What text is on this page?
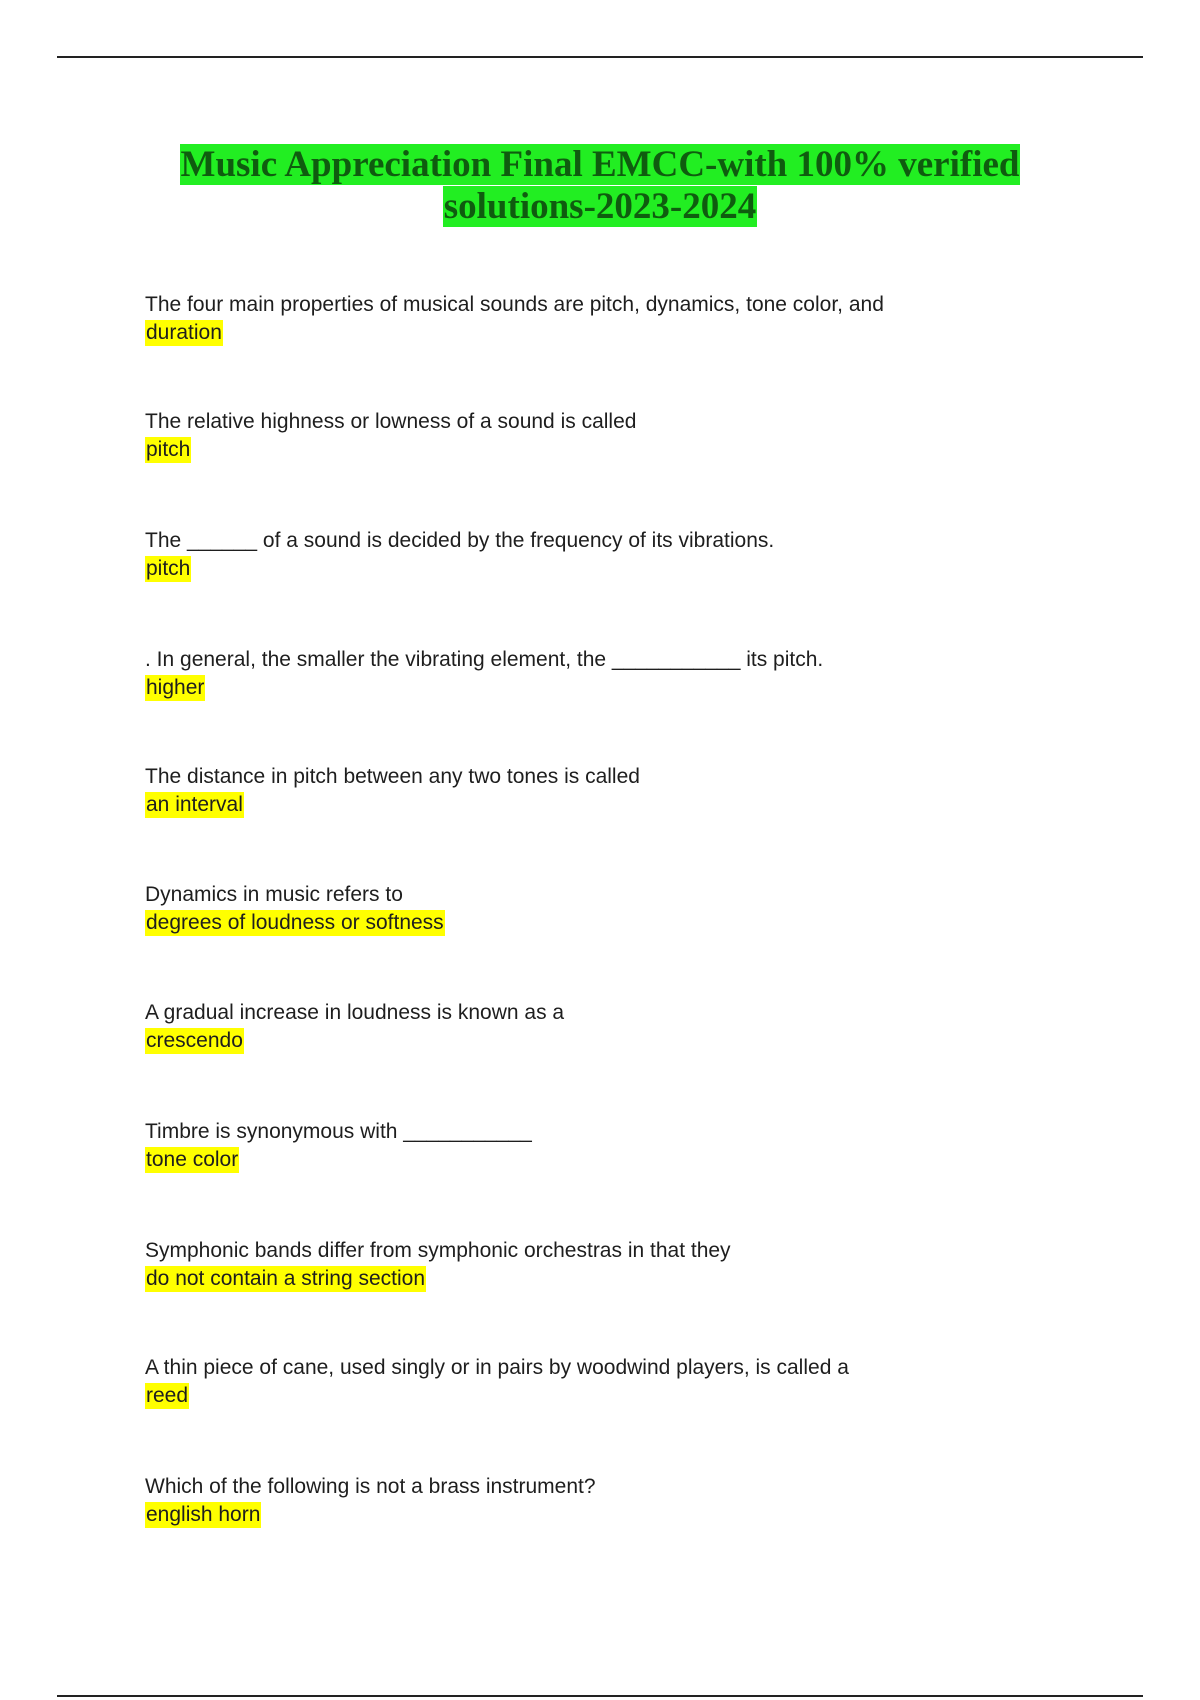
Music Appreciation Final EMCC-with 100% verified
solutions-2023-2024
The four main properties of musical sounds are pitch, dynamics, tone color, and
duration
The relative highness or lowness of a sound is called
pitch
The ______ of a sound is decided by the frequency of its vibrations.
pitch
. In general, the smaller the vibrating element, the ___________ its pitch.
higher
The distance in pitch between any two tones is called
an interval
Dynamics in music refers to
degrees of loudness or softness
A gradual increase in loudness is known as a
crescendo
Timbre is synonymous with ___________
tone color
Symphonic bands differ from symphonic orchestras in that they
do not contain a string section
A thin piece of cane, used singly or in pairs by woodwind players, is called a
reed
Which of the following is not a brass instrument?
english horn
